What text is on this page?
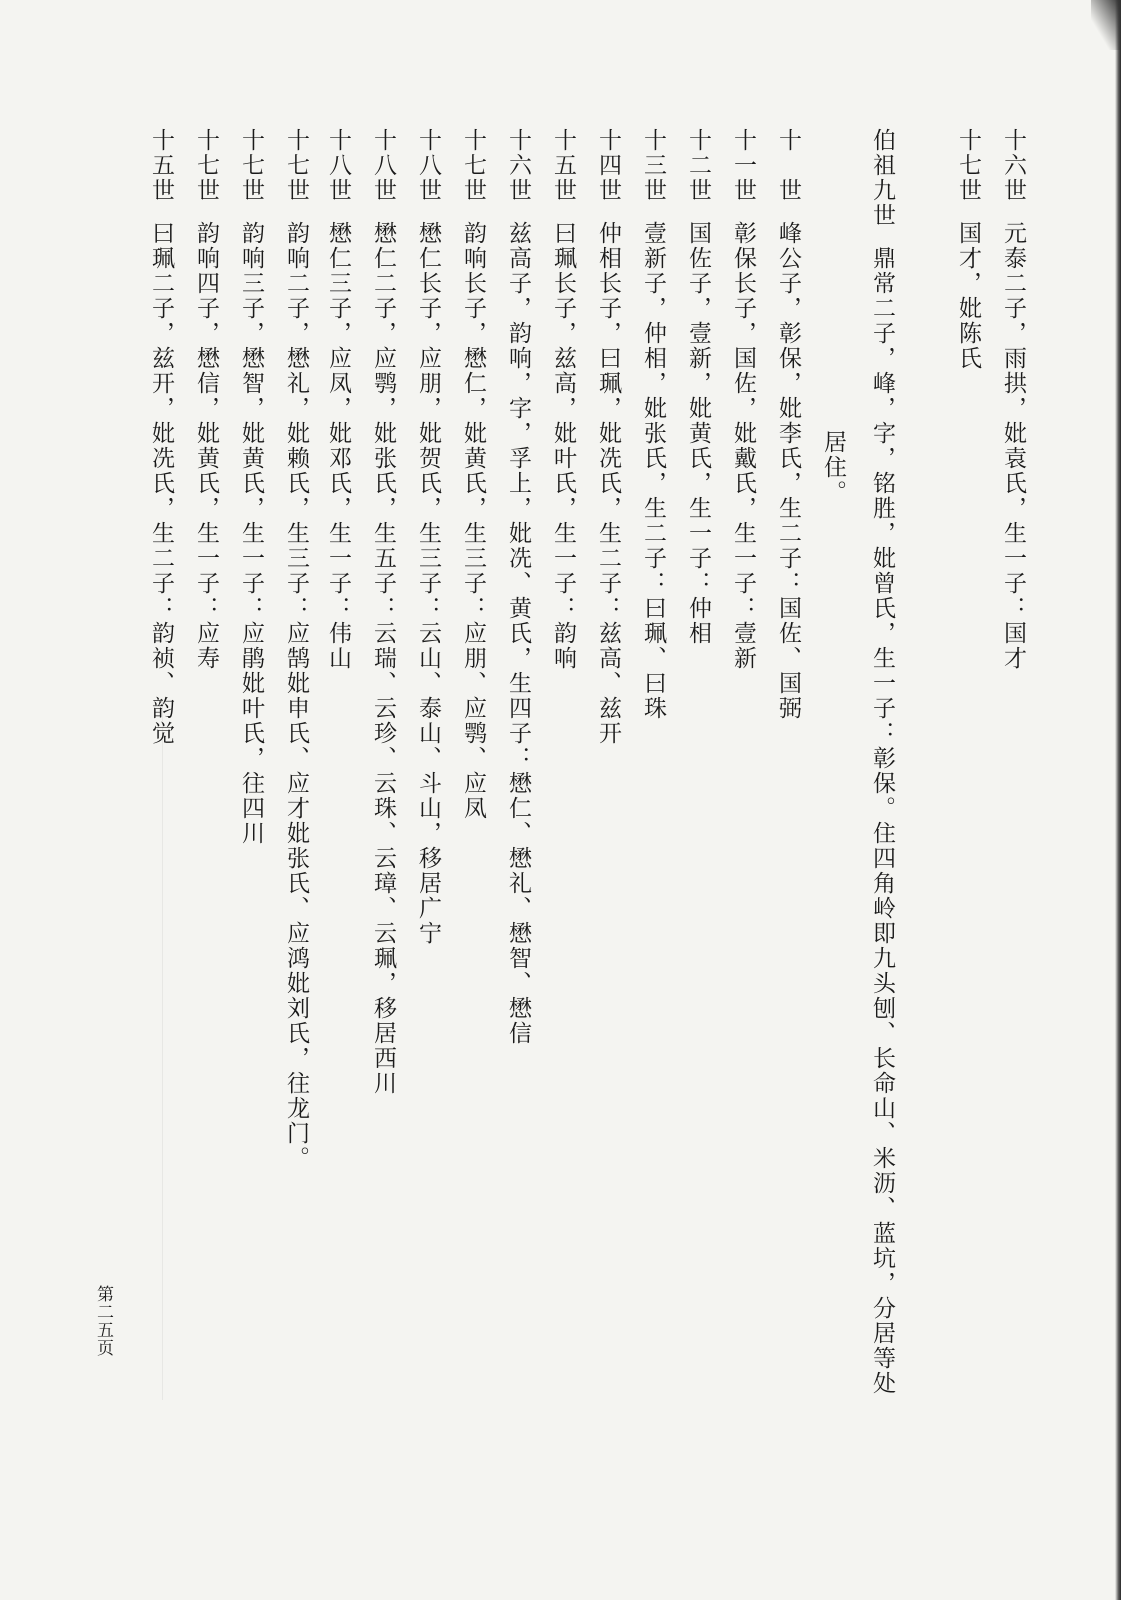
十六世元泰二子，雨拱，妣袁氏，生一子：国才
十七世国才，妣陈氏
伯祖九世鼎常二子，峰，字，铭胜，妣曾氏，生一子：彰保。住四角岭即九头刨、长命山、米沥、蓝坑，分居等处
居住。
十　世峰公子，彰保，妣李氏，生二子：国佐、国弼
十一世彰保长子，国佐，妣戴氏，生一子：壹新
十二世国佐子，壹新，妣黄氏，生一子：仲相
十三世壹新子，仲相，妣张氏，生二子：曰珮、曰珠
十四世仲相长子，曰珮，妣冼氏，生二子：兹高、兹开
十五世曰珮长子，兹高，妣叶氏，生一子：韵响
十六世兹高子，韵响，字，孚上，妣冼、黄氏，生四子：懋仁、懋礼、懋智、懋信
十七世韵响长子，懋仁，妣黄氏，生三子：应朋、应鹗、应凤
十八世懋仁长子，应朋，妣贺氏，生三子：云山、泰山、斗山，移居广宁
十八世懋仁二子，应鹗，妣张氏，生五子：云瑞、云珍、云珠、云璋、云珮，移居西川
十八世懋仁三子，应凤，妣邓氏，生一子：伟山
十七世韵响二子，懋礼，妣赖氏，生三子：应鹄妣申氏、应才妣张氏、应鸿妣刘氏，往龙门。
十七世韵响三子，懋智，妣黄氏，生一子：应鹃妣叶氏，往四川
十七世韵响四子，懋信，妣黄氏，生一子：应寿
十五世曰珮二子，兹开，妣冼氏，生二子：韵祯、韵觉
第二五页
